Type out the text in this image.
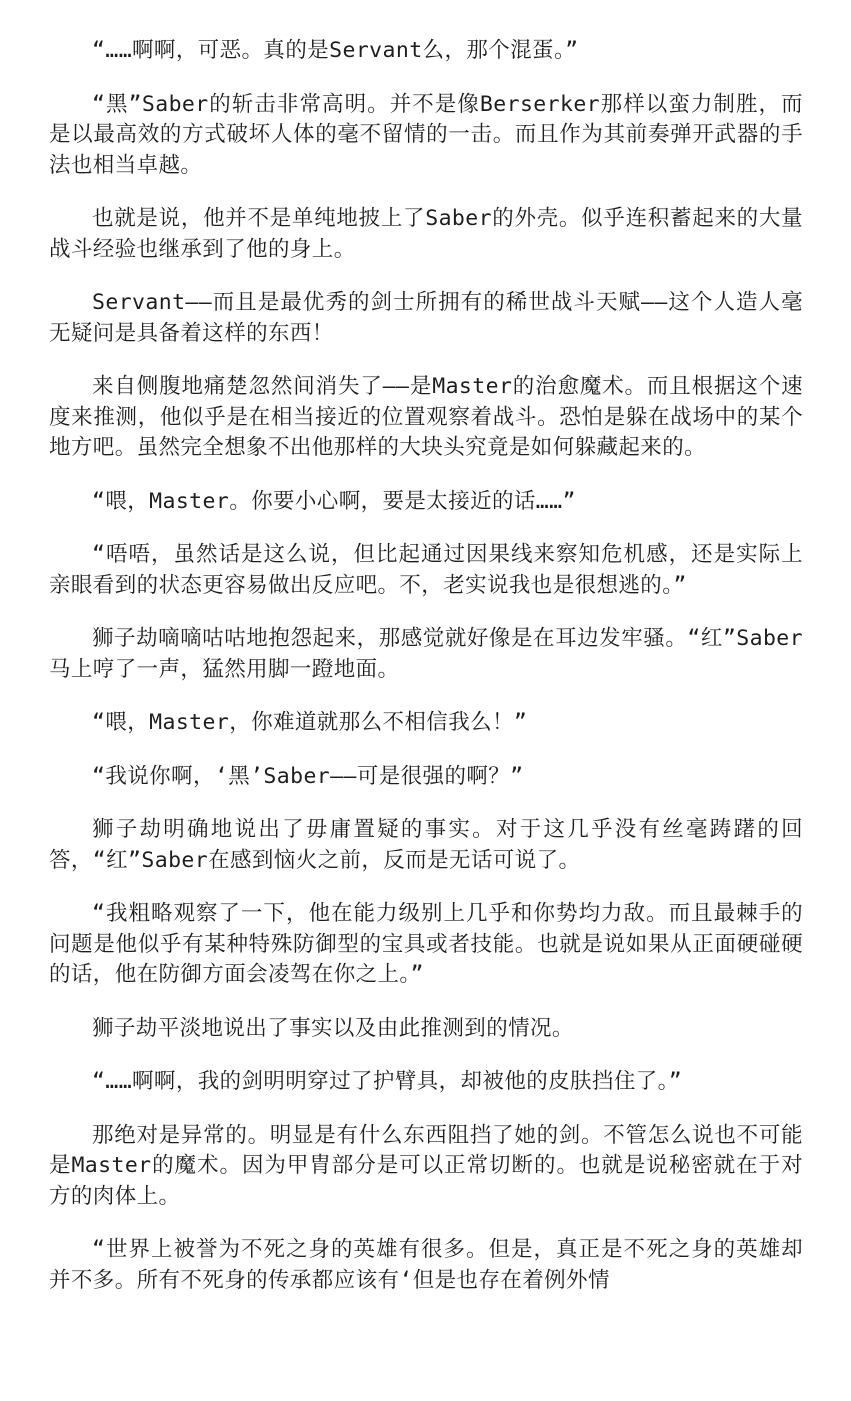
“……啊啊，可恶。真的是Servant么，那个混蛋。”

“黑”Saber的斩击非常高明。并不是像Berserker那样以蛮力制胜，而是以最高效的方式破坏人体的毫不留情的一击。而且作为其前奏弹开武器的手法也相当卓越。

也就是说，他并不是单纯地披上了Saber的外壳。似乎连积蓄起来的大量战斗经验也继承到了他的身上。

Servant——而且是最优秀的剑士所拥有的稀世战斗天赋——这个人造人毫无疑问是具备着这样的东西！

来自侧腹地痛楚忽然间消失了——是Master的治愈魔术。而且根据这个速度来推测，他似乎是在相当接近的位置观察着战斗。恐怕是躲在战场中的某个地方吧。虽然完全想象不出他那样的大块头究竟是如何躲藏起来的。

“喂，Master。你要小心啊，要是太接近的话……”

“唔唔，虽然话是这么说，但比起通过因果线来察知危机感，还是实际上亲眼看到的状态更容易做出反应吧。不，老实说我也是很想逃的。”

狮子劫嘀嘀咕咕地抱怨起来，那感觉就好像是在耳边发牢骚。“红”Saber马上哼了一声，猛然用脚一蹬地面。

“喂，Master，你难道就那么不相信我么！”

“我说你啊，‘黑’Saber——可是很强的啊？”

狮子劫明确地说出了毋庸置疑的事实。对于这几乎没有丝毫踌躇的回答，“红”Saber在感到恼火之前，反而是无话可说了。

“我粗略观察了一下，他在能力级别上几乎和你势均力敌。而且最棘手的问题是他似乎有某种特殊防御型的宝具或者技能。也就是说如果从正面硬碰硬的话，他在防御方面会凌驾在你之上。”

狮子劫平淡地说出了事实以及由此推测到的情况。

“……啊啊，我的剑明明穿过了护臂具，却被他的皮肤挡住了。”

那绝对是异常的。明显是有什么东西阻挡了她的剑。不管怎么说也不可能是Master的魔术。因为甲胄部分是可以正常切断的。也就是说秘密就在于对方的肉体上。

“世界上被誉为不死之身的英雄有很多。但是，真正是不死之身的英雄却并不多。所有不死身的传承都应该有‘但是也存在着例外情
